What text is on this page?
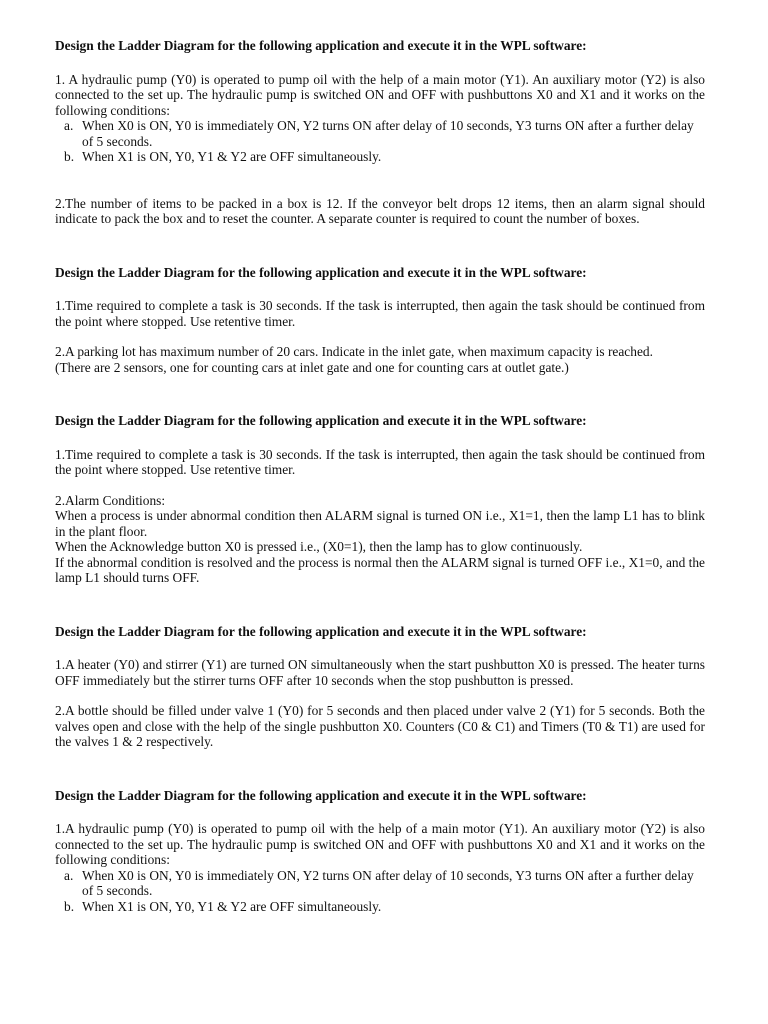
Design the Ladder Diagram for the following application and execute it in the WPL software:

1. A hydraulic pump (Y0) is operated to pump oil with the help of a main motor (Y1). An auxiliary motor (Y2) is also connected to the set up. The hydraulic pump is switched ON and OFF with pushbuttons X0 and X1 and it works on the following conditions:

a. When X0 is ON, Y0 is immediately ON, Y2 turns ON after delay of 10 seconds, Y3 turns ON after a further delay of 5 seconds.
b. When X1 is ON, Y0, Y1 & Y2 are OFF simultaneously.

2.The number of items to be packed in a box is 12. If the conveyor belt drops 12 items, then an alarm signal should indicate to pack the box and to reset the counter. A separate counter is required to count the number of boxes.

Design the Ladder Diagram for the following application and execute it in the WPL software:

1.Time required to complete a task is 30 seconds. If the task is interrupted, then again the task should be continued from the point where stopped. Use retentive timer.

2.A parking lot has maximum number of 20 cars. Indicate in the inlet gate, when maximum capacity is reached.

(There are 2 sensors, one for counting cars at inlet gate and one for counting cars at outlet gate.)

Design the Ladder Diagram for the following application and execute it in the WPL software:

1.Time required to complete a task is 30 seconds. If the task is interrupted, then again the task should be continued from the point where stopped. Use retentive timer.

2.Alarm Conditions:

When a process is under abnormal condition then ALARM signal is turned ON i.e., X1=1, then the lamp L1 has to blink in the plant floor.

When the Acknowledge button X0 is pressed i.e., (X0=1), then the lamp has to glow continuously.

If the abnormal condition is resolved and the process is normal then the ALARM signal is turned OFF i.e., X1=0, and the lamp L1 should turns OFF.

Design the Ladder Diagram for the following application and execute it in the WPL software:

1.A heater (Y0) and stirrer (Y1) are turned ON simultaneously when the start pushbutton X0 is pressed. The heater turns OFF immediately but the stirrer turns OFF after 10 seconds when the stop pushbutton is pressed.

2.A bottle should be filled under valve 1 (Y0) for 5 seconds and then placed under valve 2 (Y1) for 5 seconds. Both the valves open and close with the help of the single pushbutton X0. Counters (C0 & C1) and Timers (T0 & T1) are used for the valves 1 & 2 respectively.

Design the Ladder Diagram for the following application and execute it in the WPL software:

1.A hydraulic pump (Y0) is operated to pump oil with the help of a main motor (Y1). An auxiliary motor (Y2) is also connected to the set up. The hydraulic pump is switched ON and OFF with pushbuttons X0 and X1 and it works on the following conditions:

a. When X0 is ON, Y0 is immediately ON, Y2 turns ON after delay of 10 seconds, Y3 turns ON after a further delay of 5 seconds.
b. When X1 is ON, Y0, Y1 & Y2 are OFF simultaneously.
